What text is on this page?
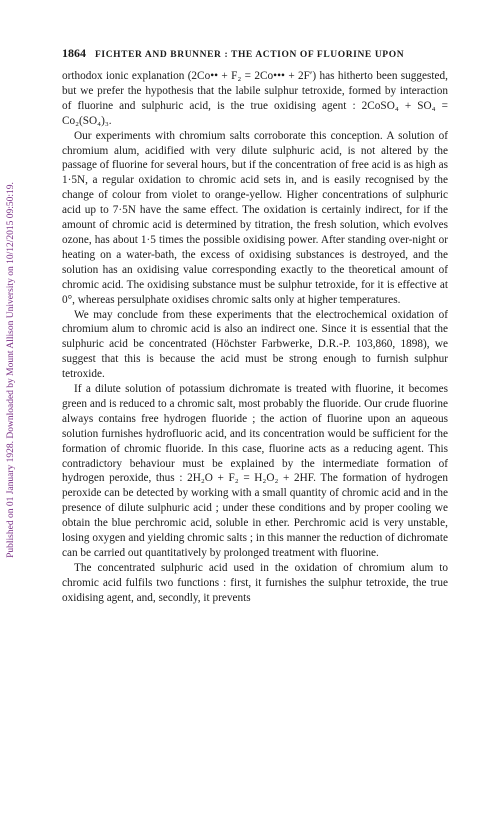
Published on 01 January 1928. Downloaded by Mount Allison University on 10/12/2015 09:50:19.
1864 FICHTER AND BRUNNER : THE ACTION OF FLUORINE UPON

orthodox ionic explanation (2Co•• + F₂ = 2Co••• + 2F′) has hitherto been suggested, but we prefer the hypothesis that the labile sulphur tetroxide, formed by interaction of fluorine and sulphuric acid, is the true oxidising agent : 2CoSO₄ + SO₄ = Co₂(SO₄)₃.

Our experiments with chromium salts corroborate this conception. A solution of chromium alum, acidified with very dilute sulphuric acid, is not altered by the passage of fluorine for several hours, but if the concentration of free acid is as high as 1·5N, a regular oxidation to chromic acid sets in, and is easily recognised by the change of colour from violet to orange-yellow. Higher concentrations of sulphuric acid up to 7·5N have the same effect. The oxidation is certainly indirect, for if the amount of chromic acid is determined by titration, the fresh solution, which evolves ozone, has about 1·5 times the possible oxidising power. After standing over-night or heating on a water-bath, the excess of oxidising substances is destroyed, and the solution has an oxidising value corresponding exactly to the theoretical amount of chromic acid. The oxidising substance must be sulphur tetroxide, for it is effective at 0°, whereas persulphate oxidises chromic salts only at higher temperatures.

We may conclude from these experiments that the electrochemical oxidation of chromium alum to chromic acid is also an indirect one. Since it is essential that the sulphuric acid be concentrated (Höchster Farbwerke, D.R.-P. 103,860, 1898), we suggest that this is because the acid must be strong enough to furnish sulphur tetroxide.

If a dilute solution of potassium dichromate is treated with fluorine, it becomes green and is reduced to a chromic salt, most probably the fluoride. Our crude fluorine always contains free hydrogen fluoride ; the action of fluorine upon an aqueous solution furnishes hydrofluoric acid, and its concentration would be sufficient for the formation of chromic fluoride. In this case, fluorine acts as a reducing agent. This contradictory behaviour must be explained by the intermediate formation of hydrogen peroxide, thus : 2H₂O + F₂ = H₂O₂ + 2HF. The formation of hydrogen peroxide can be detected by working with a small quantity of chromic acid and in the presence of dilute sulphuric acid ; under these conditions and by proper cooling we obtain the blue perchromic acid, soluble in ether. Perchromic acid is very unstable, losing oxygen and yielding chromic salts ; in this manner the reduction of dichromate can be carried out quantitatively by prolonged treatment with fluorine.

The concentrated sulphuric acid used in the oxidation of chromium alum to chromic acid fulfils two functions : first, it furnishes the sulphur tetroxide, the true oxidising agent, and, secondly, it prevents
